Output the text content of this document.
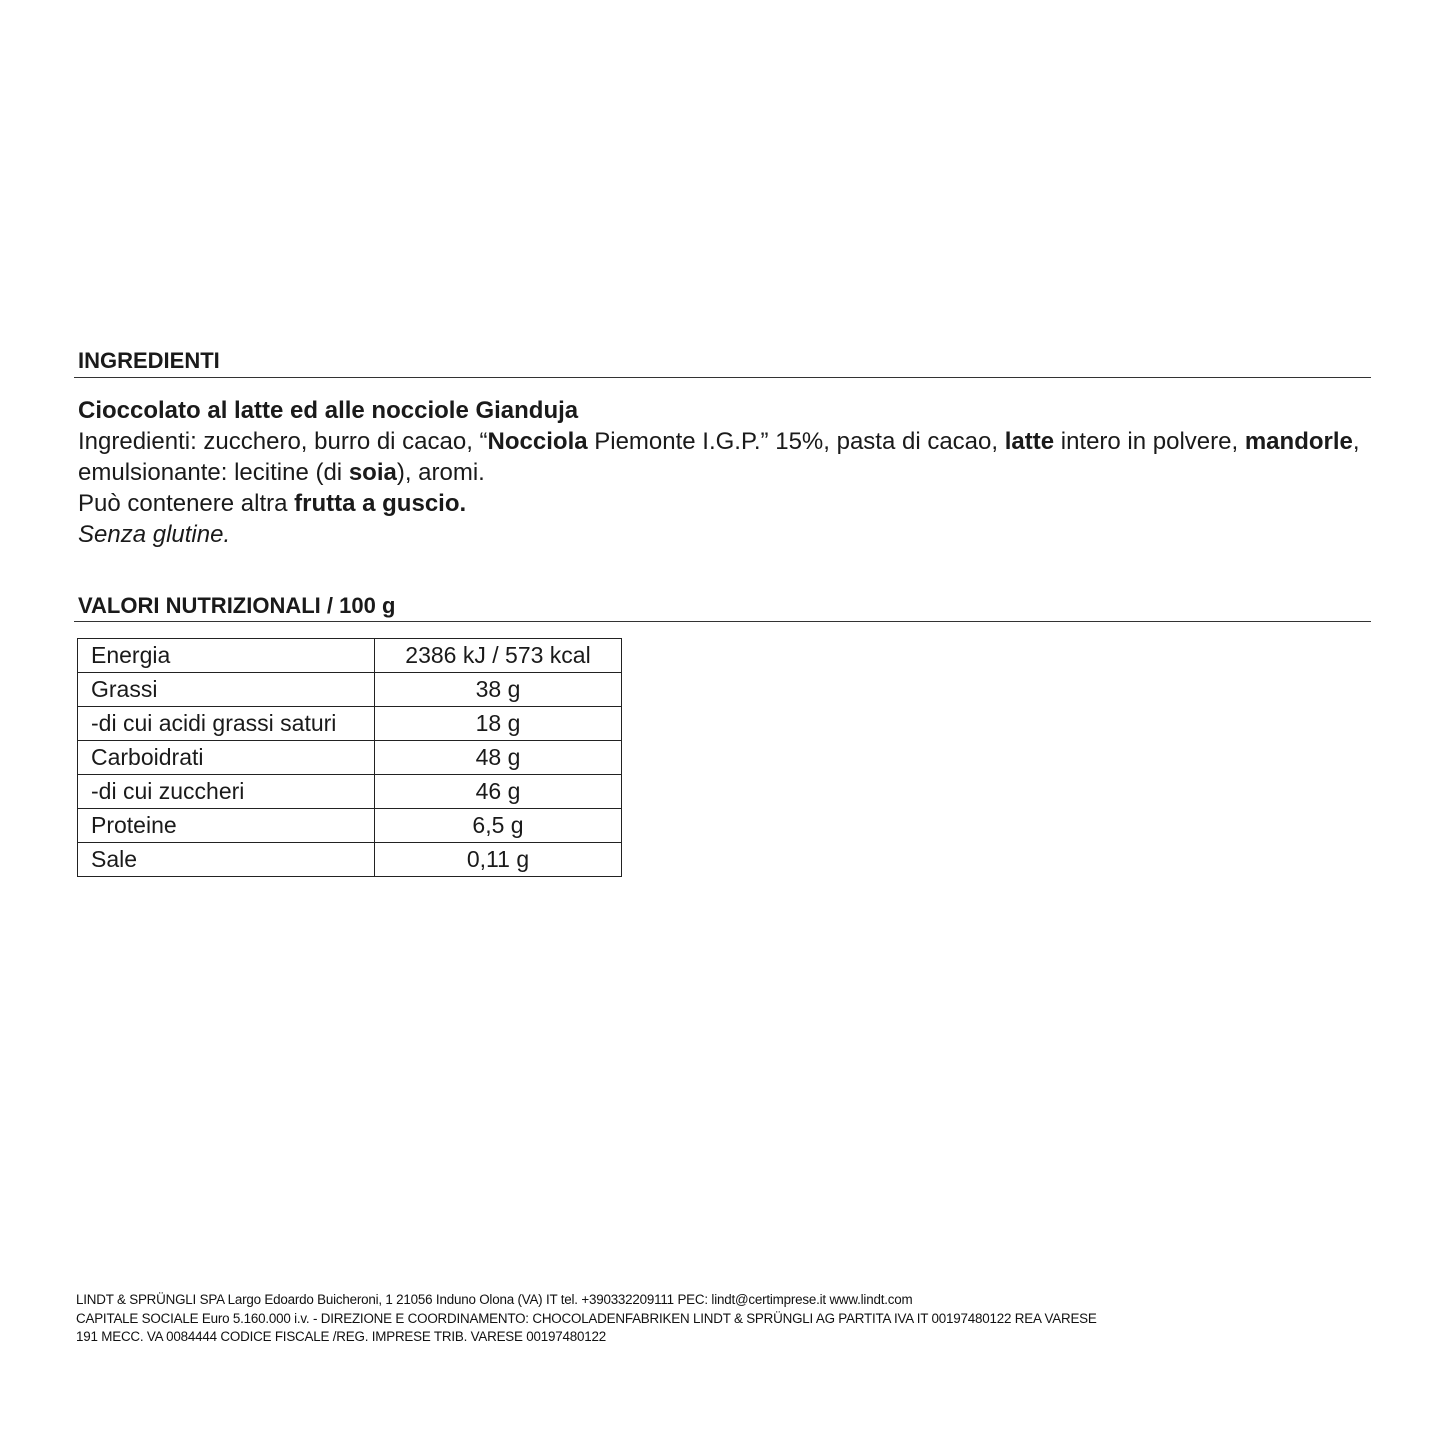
INGREDIENTI

Cioccolato al latte ed alle nocciole Gianduja

Ingredienti: zucchero, burro di cacao, “Nocciola Piemonte I.G.P.” 15%, pasta di cacao, latte intero in polvere, mandorle, emulsionante: lecitine (di soia), aromi.

Può contenere altra frutta a guscio.

Senza glutine.

VALORI NUTRIZIONALI / 100 g
Energia	2386 kJ / 573 kcal
Grassi	38 g
-di cui acidi grassi saturi	18 g
Carboidrati	48 g
-di cui zuccheri	46 g
Proteine	6,5 g
Sale	0,11 g
LINDT & SPRÜNGLI SPA Largo Edoardo Buicheroni, 1 21056 Induno Olona (VA) IT tel. +390332209111 PEC: lindt@certimprese.it www.lindt.com
CAPITALE SOCIALE Euro 5.160.000 i.v. - DIREZIONE E COORDINAMENTO: CHOCOLADENFABRIKEN LINDT & SPRÜNGLI AG PARTITA IVA IT 00197480122 REA VARESE
191 MECC. VA 0084444 CODICE FISCALE /REG. IMPRESE TRIB. VARESE 00197480122
